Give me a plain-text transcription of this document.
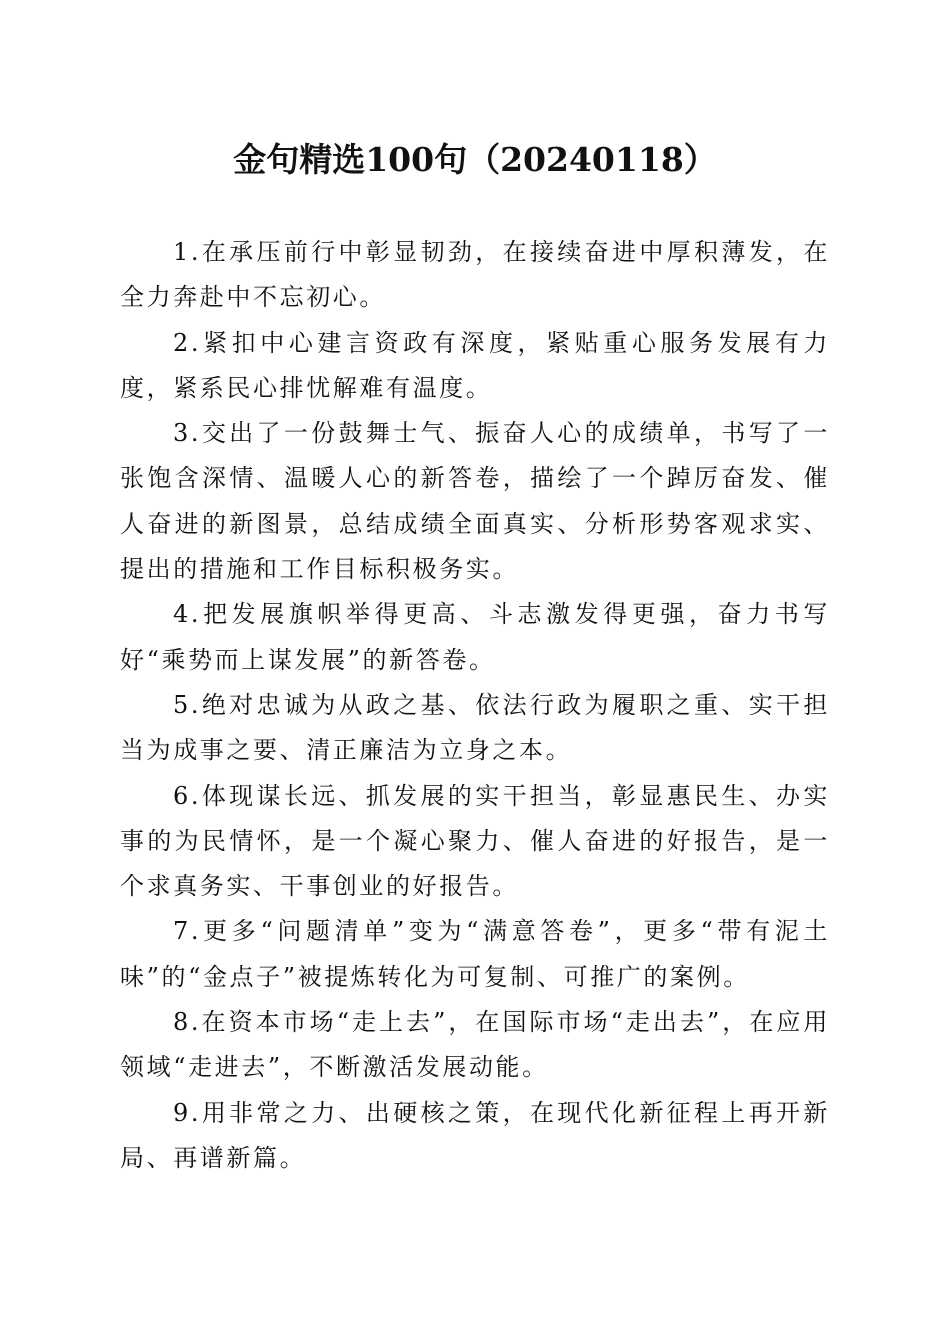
金句精选100句（20240118）

1.在承压前行中彰显韧劲，在接续奋进中厚积薄发，在全力奔赴中不忘初心。

2.紧扣中心建言资政有深度，紧贴重心服务发展有力度，紧系民心排忧解难有温度。

3.交出了一份鼓舞士气、振奋人心的成绩单，书写了一张饱含深情、温暖人心的新答卷，描绘了一个踔厉奋发、催人奋进的新图景，总结成绩全面真实、分析形势客观求实、提出的措施和工作目标积极务实。

4.把发展旗帜举得更高、斗志激发得更强，奋力书写好“乘势而上谋发展”的新答卷。

5.绝对忠诚为从政之基、依法行政为履职之重、实干担当为成事之要、清正廉洁为立身之本。

6.体现谋长远、抓发展的实干担当，彰显惠民生、办实事的为民情怀，是一个凝心聚力、催人奋进的好报告，是一个求真务实、干事创业的好报告。

7.更多“问题清单”变为“满意答卷”，更多“带有泥土味”的“金点子”被提炼转化为可复制、可推广的案例。

8.在资本市场“走上去”，在国际市场“走出去”，在应用领域“走进去”，不断激活发展动能。

9.用非常之力、出硬核之策，在现代化新征程上再开新局、再谱新篇。
